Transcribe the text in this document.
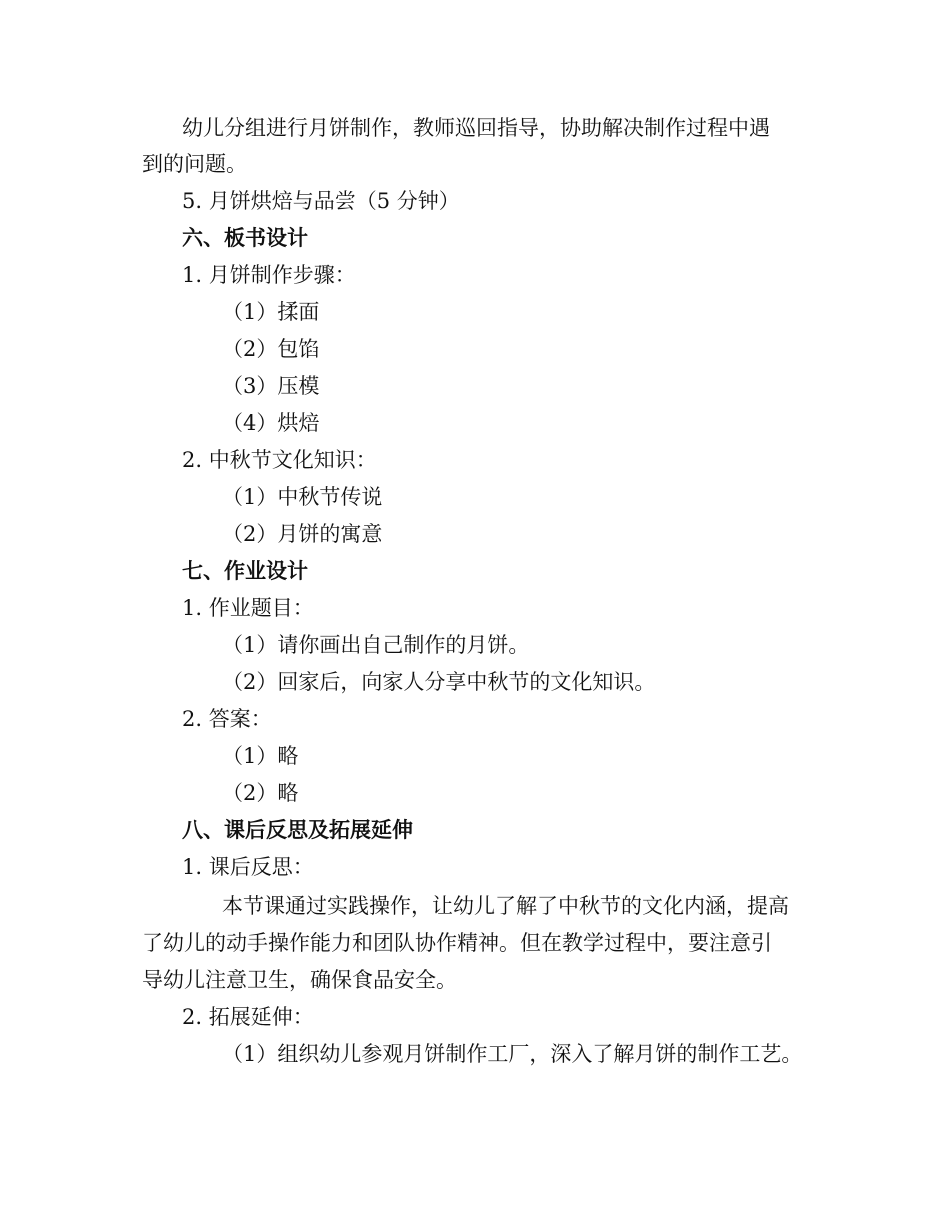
幼儿分组进行月饼制作，教师巡回指导，协助解决制作过程中遇
到的问题。
5. 月饼烘焙与品尝（5 分钟）
六、板书设计
1. 月饼制作步骤：
（1）揉面
（2）包馅
（3）压模
（4）烘焙
2. 中秋节文化知识：
（1）中秋节传说
（2）月饼的寓意
七、作业设计
1. 作业题目：
（1）请你画出自己制作的月饼。
（2）回家后，向家人分享中秋节的文化知识。
2. 答案：
（1）略
（2）略
八、课后反思及拓展延伸
1. 课后反思：
本节课通过实践操作，让幼儿了解了中秋节的文化内涵，提高
了幼儿的动手操作能力和团队协作精神。但在教学过程中，要注意引
导幼儿注意卫生，确保食品安全。
2. 拓展延伸：
（1）组织幼儿参观月饼制作工厂，深入了解月饼的制作工艺。
